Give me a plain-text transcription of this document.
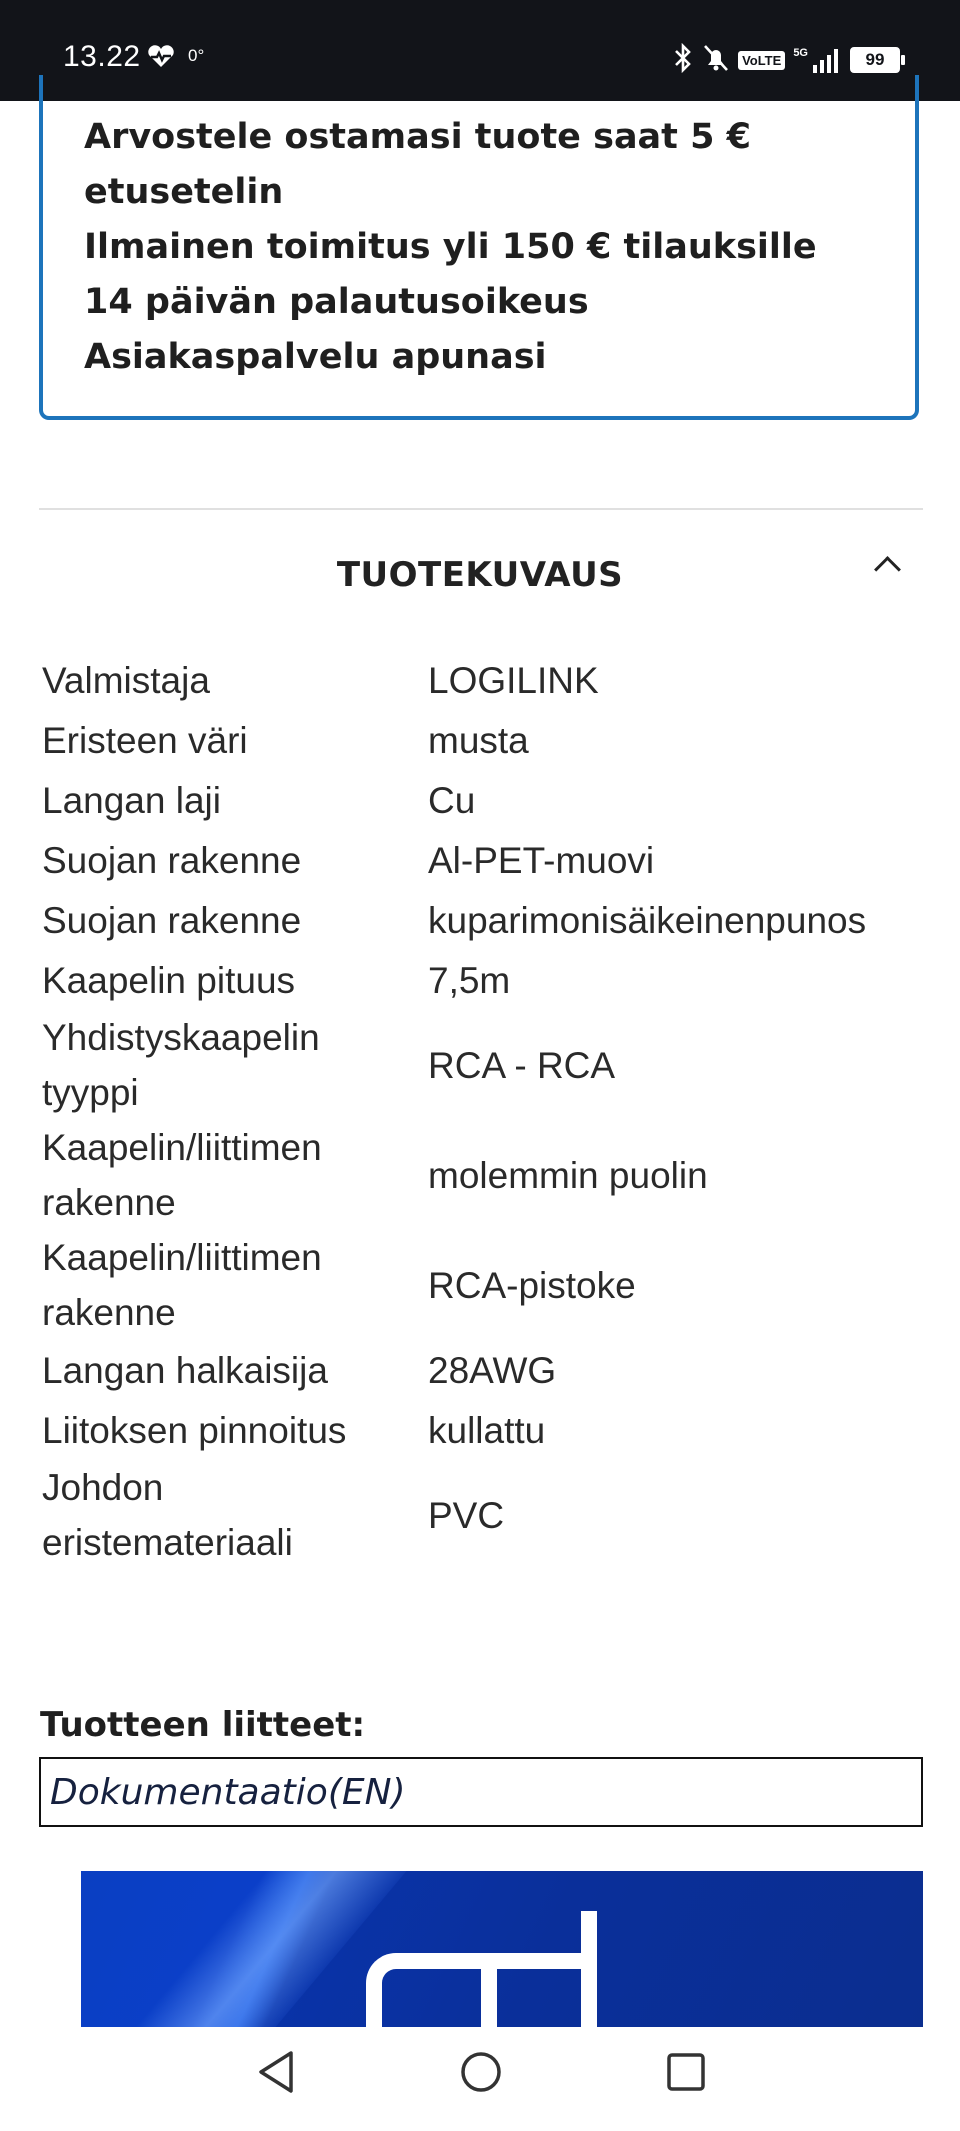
13.22	0°	VoLTE	5G	99
Arvostele ostamasi tuote saat 5 € etusetelin
Ilmainen toimitus yli 150 € tilauksille
14 päivän palautusoikeus
Asiakaspalvelu apunasi
TUOTEKUVAUS
Valmistaja	LOGILINK
Eristeen väri	musta
Langan laji	Cu
Suojan rakenne	Al-PET-muovi
Suojan rakenne	kuparimonisäikeinenpunos
Kaapelin pituus	7,5m
Yhdistyskaapelin tyyppi	RCA - RCA
Kaapelin/liittimen rakenne	molemmin puolin
Kaapelin/liittimen rakenne	RCA-pistoke
Langan halkaisija	28AWG
Liitoksen pinnoitus	kullattu
Johdon eristemateriaali	PVC
Tuotteen liitteet:
Dokumentaatio(EN)
